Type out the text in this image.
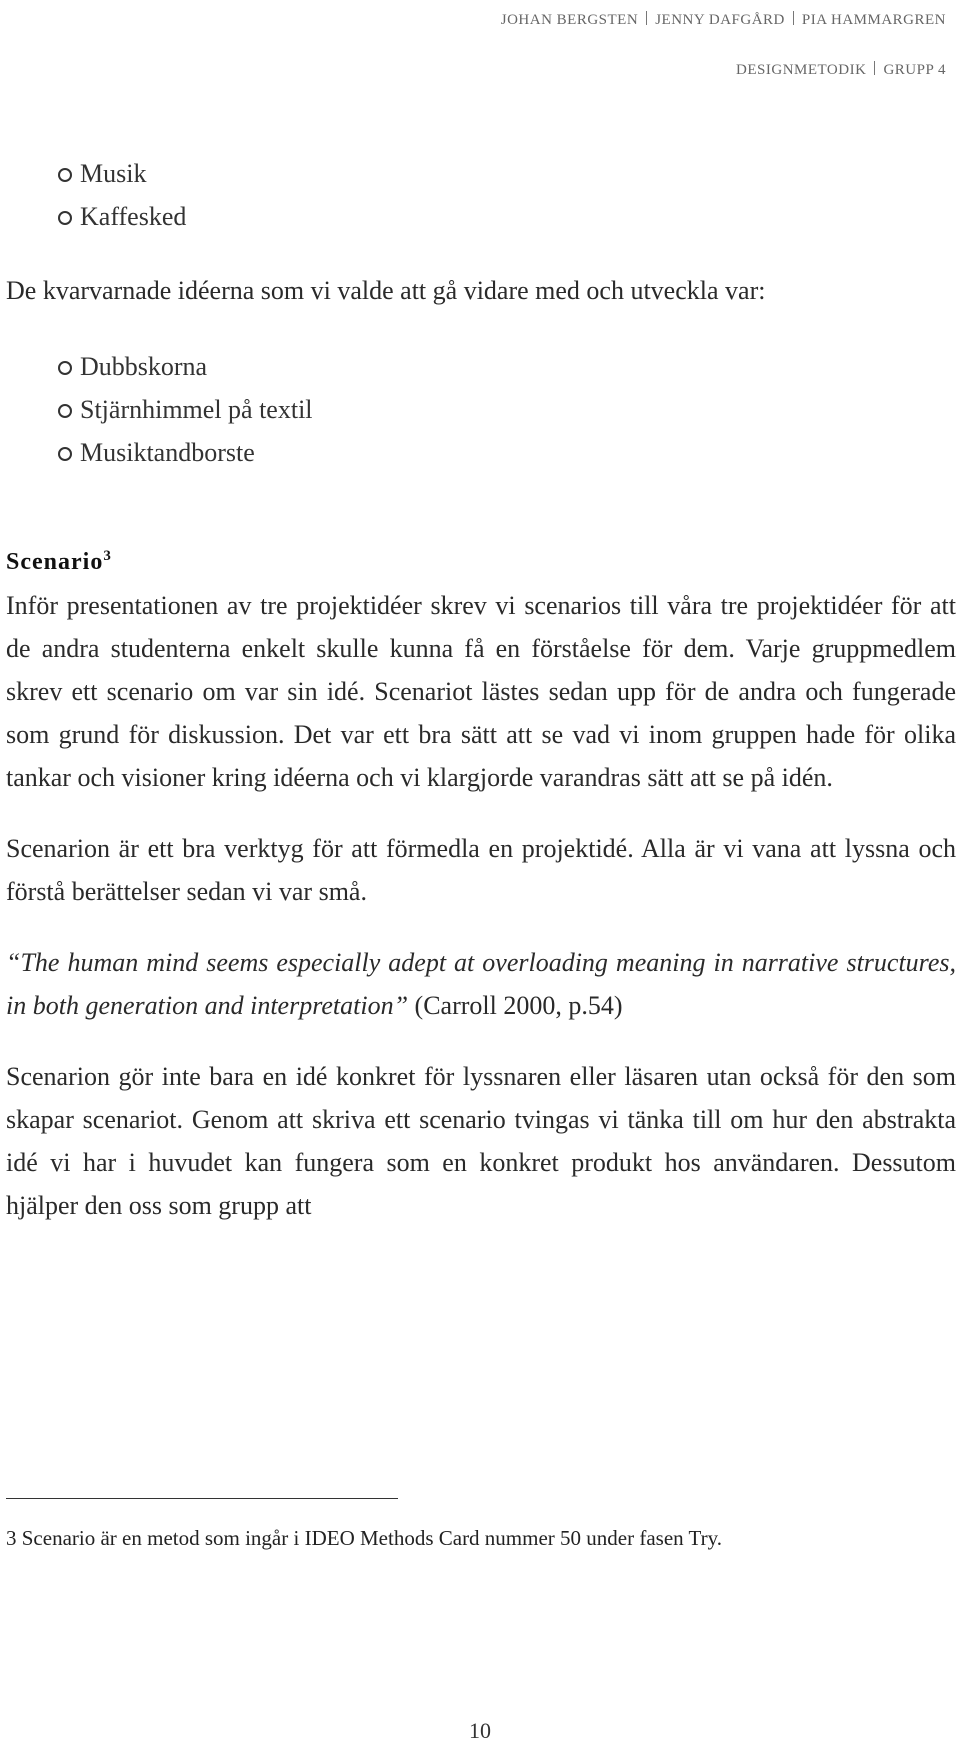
JOHAN BERGSTEN JENNY DAFGÅRD PIA HAMMARGREN
DESIGNMETODIK GRUPP 4
Musik
Kaffesked

De kvarvarnade idéerna som vi valde att gå vidare med och utveckla var:

Dubbskorna
Stjärnhimmel på textil
Musiktandborste
Scenario$^3$

Inför presentationen av tre projektidéer skrev vi scenarios till våra tre projektidéer för att de andra studenterna enkelt skulle kunna få en förståelse för dem. Varje gruppmedlem skrev ett scenario om var sin idé. Scenariot lästes sedan upp för de andra och fungerade som grund för diskussion. Det var ett bra sätt att se vad vi inom gruppen hade för olika tankar och visioner kring idéerna och vi klargjorde varandras sätt att se på idén.

Scenarion är ett bra verktyg för att förmedla en projektidé. Alla är vi vana att lyssna och förstå berättelser sedan vi var små.

“The human mind seems especially adept at overloading meaning in narrative structures, in both generation and interpretation” (Carroll 2000, p.54)

Scenarion gör inte bara en idé konkret för lyssnaren eller läsaren utan också för den som skapar scenariot. Genom att skriva ett scenario tvingas vi tänka till om hur den abstrakta idé vi har i huvudet kan fungera som en konkret produkt hos användaren. Dessutom hjälper den oss som grupp att

3 Scenario är en metod som ingår i IDEO Methods Card nummer 50 under fasen Try.
10
